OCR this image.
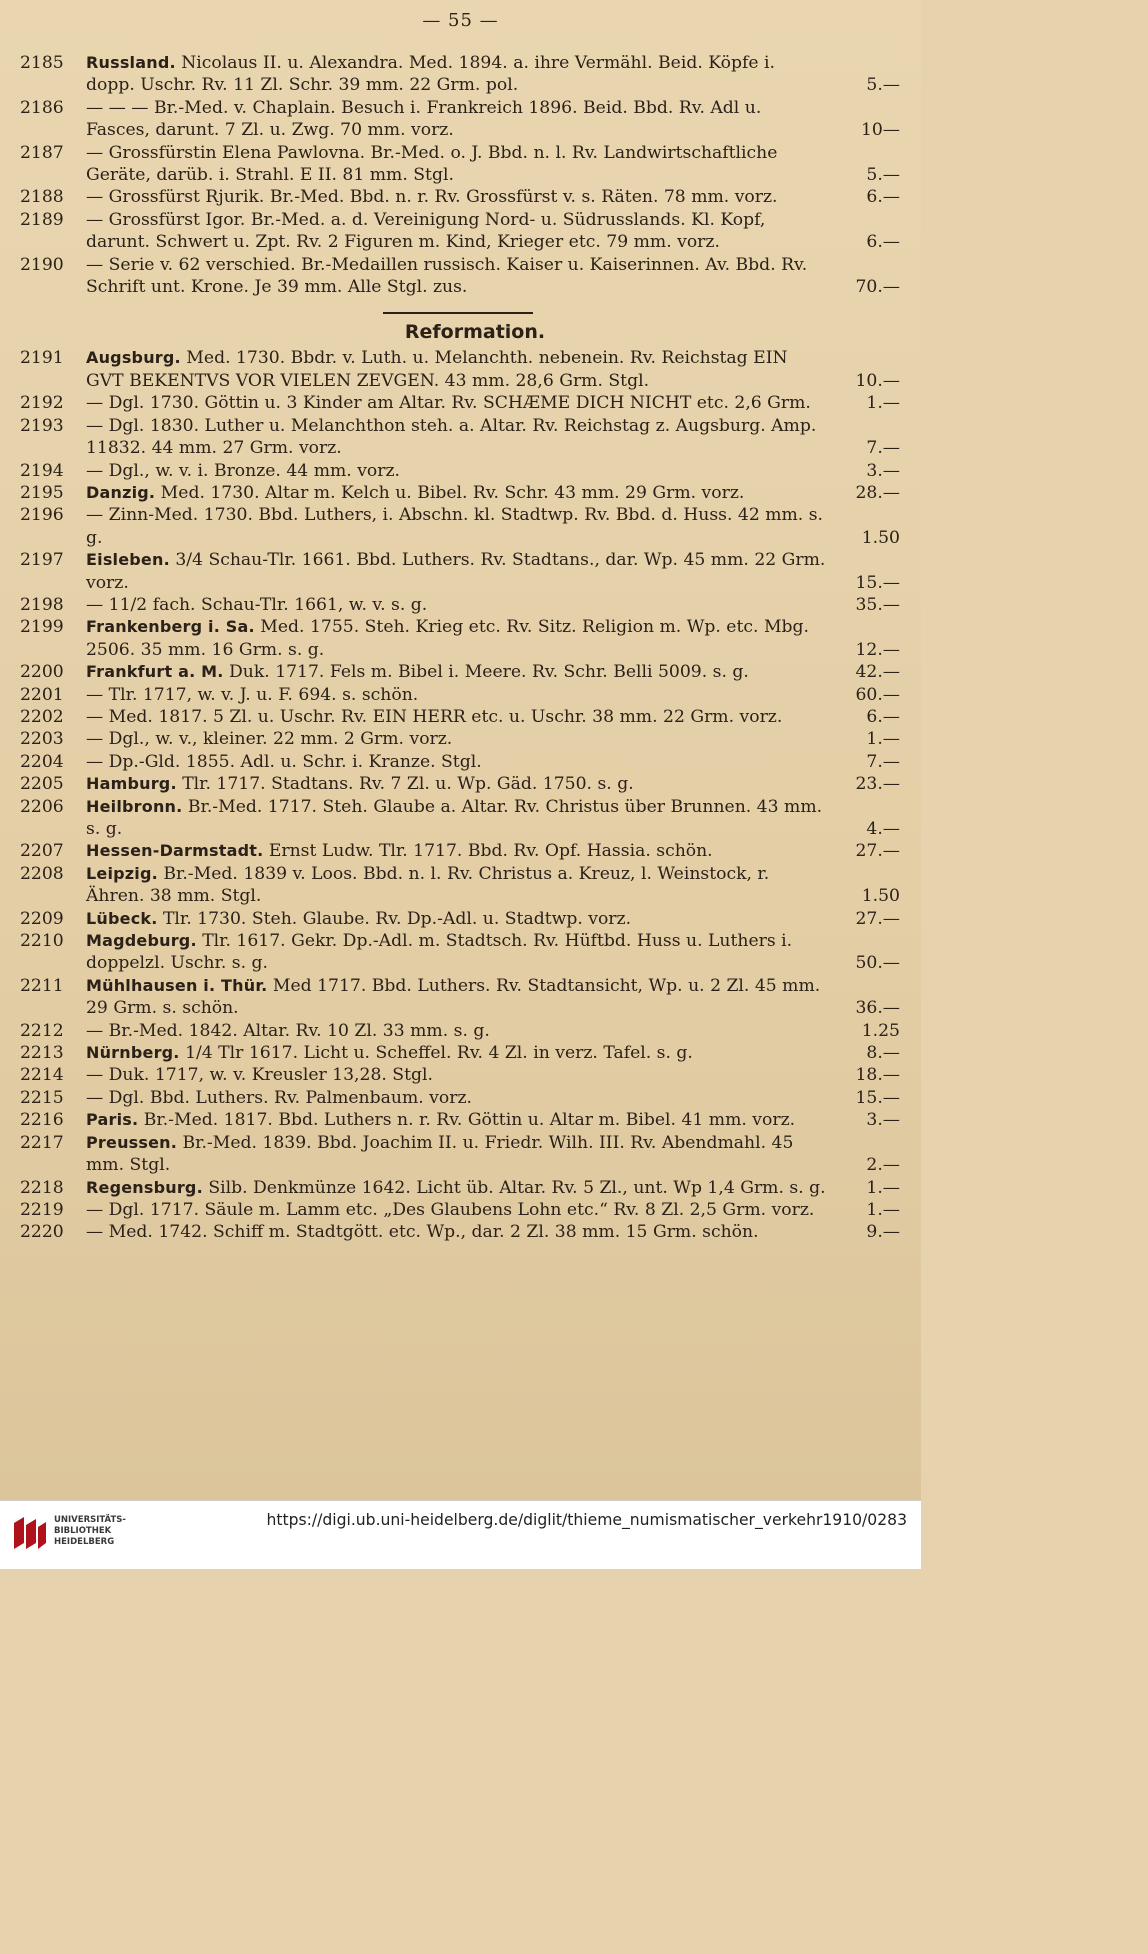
— 55 —
2185	Russland. Nicolaus II. u. Alexandra. Med. 1894. a. ihre Vermähl. Beid. Köpfe i. dopp. Uschr. Rv. 11 Zl. Schr. 39 mm. 22 Grm. pol.	5.—
2186	— — — Br.-Med. v. Chaplain. Besuch i. Frankreich 1896. Beid. Bbd. Rv. Adl u. Fasces, darunt. 7 Zl. u. Zwg. 70 mm. vorz.	10—
2187	— Grossfürstin Elena Pawlovna. Br.-Med. o. J. Bbd. n. l. Rv. Landwirtschaftliche Geräte, darüb. i. Strahl. E II. 81 mm. Stgl.	5.—
2188	— Grossfürst Rjurik. Br.-Med. Bbd. n. r. Rv. Grossfürst v. s. Räten. 78 mm. vorz.	6.—
2189	— Grossfürst Igor. Br.-Med. a. d. Vereinigung Nord- u. Südrusslands. Kl. Kopf, darunt. Schwert u. Zpt. Rv. 2 Figuren m. Kind, Krieger etc. 79 mm. vorz.	6.—
2190	— Serie v. 62 verschied. Br.-Medaillen russisch. Kaiser u. Kaiserinnen. Av. Bbd. Rv. Schrift unt. Krone. Je 39 mm. Alle Stgl. zus.	70.—
Reformation.
2191	Augsburg. Med. 1730. Bbdr. v. Luth. u. Melanchth. nebenein. Rv. Reichstag EIN GVT BEKENTVS VOR VIELEN ZEVGEN. 43 mm. 28,6 Grm. Stgl.	10.—
2192	— Dgl. 1730. Göttin u. 3 Kinder am Altar. Rv. SCHÆME DICH NICHT etc. 2,6 Grm.	1.—
2193	— Dgl. 1830. Luther u. Melanchthon steh. a. Altar. Rv. Reichstag z. Augsburg. Amp. 11832. 44 mm. 27 Grm. vorz.	7.—
2194	— Dgl., w. v. i. Bronze. 44 mm. vorz.	3.—
2195	Danzig. Med. 1730. Altar m. Kelch u. Bibel. Rv. Schr. 43 mm. 29 Grm. vorz.	28.—
2196	— Zinn-Med. 1730. Bbd. Luthers, i. Abschn. kl. Stadtwp. Rv. Bbd. d. Huss. 42 mm. s. g.	1.50
2197	Eisleben. 3/4 Schau-Tlr. 1661. Bbd. Luthers. Rv. Stadtans., dar. Wp. 45 mm. 22 Grm. vorz.	15.—
2198	— 11/2 fach. Schau-Tlr. 1661, w. v. s. g.	35.—
2199	Frankenberg i. Sa. Med. 1755. Steh. Krieg etc. Rv. Sitz. Religion m. Wp. etc. Mbg. 2506. 35 mm. 16 Grm. s. g.	12.—
2200	Frankfurt a. M. Duk. 1717. Fels m. Bibel i. Meere. Rv. Schr. Belli 5009. s. g.	42.—
2201	— Tlr. 1717, w. v. J. u. F. 694. s. schön.	60.—
2202	— Med. 1817. 5 Zl. u. Uschr. Rv. EIN HERR etc. u. Uschr. 38 mm. 22 Grm. vorz.	6.—
2203	— Dgl., w. v., kleiner. 22 mm. 2 Grm. vorz.	1.—
2204	— Dp.-Gld. 1855. Adl. u. Schr. i. Kranze. Stgl.	7.—
2205	Hamburg. Tlr. 1717. Stadtans. Rv. 7 Zl. u. Wp. Gäd. 1750. s. g.	23.—
2206	Heilbronn. Br.-Med. 1717. Steh. Glaube a. Altar. Rv. Christus über Brunnen. 43 mm. s. g.	4.—
2207	Hessen-Darmstadt. Ernst Ludw. Tlr. 1717. Bbd. Rv. Opf. Hassia. schön.	27.—
2208	Leipzig. Br.-Med. 1839 v. Loos. Bbd. n. l. Rv. Christus a. Kreuz, l. Weinstock, r. Ähren. 38 mm. Stgl.	1.50
2209	Lübeck. Tlr. 1730. Steh. Glaube. Rv. Dp.-Adl. u. Stadtwp. vorz.	27.—
2210	Magdeburg. Tlr. 1617. Gekr. Dp.-Adl. m. Stadtsch. Rv. Hüftbd. Huss u. Luthers i. doppelzl. Uschr. s. g.	50.—
2211	Mühlhausen i. Thür. Med 1717. Bbd. Luthers. Rv. Stadtansicht, Wp. u. 2 Zl. 45 mm. 29 Grm. s. schön.	36.—
2212	— Br.-Med. 1842. Altar. Rv. 10 Zl. 33 mm. s. g.	1.25
2213	Nürnberg. 1/4 Tlr 1617. Licht u. Scheffel. Rv. 4 Zl. in verz. Tafel. s. g.	8.—
2214	— Duk. 1717, w. v. Kreusler 13,28. Stgl.	18.—
2215	— Dgl. Bbd. Luthers. Rv. Palmenbaum. vorz.	15.—
2216	Paris. Br.-Med. 1817. Bbd. Luthers n. r. Rv. Göttin u. Altar m. Bibel. 41 mm. vorz.	3.—
2217	Preussen. Br.-Med. 1839. Bbd. Joachim II. u. Friedr. Wilh. III. Rv. Abendmahl. 45 mm. Stgl.	2.—
2218	Regensburg. Silb. Denkmünze 1642. Licht üb. Altar. Rv. 5 Zl., unt. Wp 1,4 Grm. s. g.	1.—
2219	— Dgl. 1717. Säule m. Lamm etc. „Des Glaubens Lohn etc.“ Rv. 8 Zl. 2,5 Grm. vorz.	1.—
2220	— Med. 1742. Schiff m. Stadtgött. etc. Wp., dar. 2 Zl. 38 mm. 15 Grm. schön.	9.—
UNIVERSITÄTS-BIBLIOTHEK HEIDELBERG
https://digi.ub.uni-heidelberg.de/diglit/thieme_numismatischer_verkehr1910/0283
